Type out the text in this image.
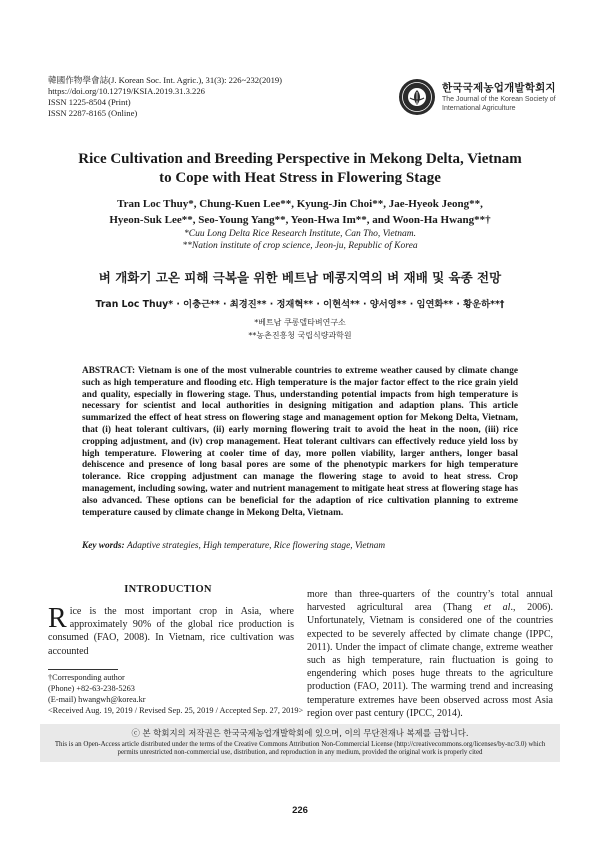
韓國作物學會誌(J. Korean Soc. Int. Agric.), 31(3): 226~232(2019)
https://doi.org/10.12719/KSIA.2019.31.3.226
ISSN 1225-8504 (Print)
ISSN 2287-8165 (Online)
한국국제농업개발학회지
The Journal of the Korean Society of International Agriculture
Rice Cultivation and Breeding Perspective in Mekong Delta, Vietnam
to Cope with Heat Stress in Flowering Stage
Tran Loc Thuy*, Chung-Kuen Lee**, Kyung-Jin Choi**, Jae-Hyeok Jeong**,
Hyeon-Suk Lee**, Seo-Young Yang**, Yeon-Hwa Im**, and Woon-Ha Hwang**†
*Cuu Long Delta Rice Research Institute, Can Tho, Vietnam.
**Nation institute of crop science, Jeon-ju, Republic of Korea
벼 개화기 고온 피해 극복을 위한 베트남 메콩지역의 벼 재배 및 육종 전망
Tran Loc Thuy* · 이충근** · 최경진** · 정재혁** · 이현석** · 양서영** · 임연화** · 황운하**†
*베트남 쿠롱델타벼연구소
**농촌진흥청 국립식량과학원
ABSTRACT: Vietnam is one of the most vulnerable countries to extreme weather caused by climate change such as high temperature and flooding etc. High temperature is the major factor effect to the rice grain yield and quality, especially in flowering stage. Thus, understanding potential impacts from high temperature is necessary for scientist and local authorities in designing mitigation and adaption plans. This article summarized the effect of heat stress on flowering stage and management option for Mekong Delta, Vietnam, that (i) heat tolerant cultivars, (ii) early morning flowering trait to avoid the heat in the noon, (iii) rice cropping adjustment, and (iv) crop management. Heat tolerant cultivars can effectively reduce yield loss by high temperature. Flowering at cooler time of day, more pollen viability, larger anthers, longer basal dehiscence and presence of long basal pores are some of the phenotypic markers for high temperature tolerance. Rice cropping adjustment can manage the flowering stage to avoid to heat stress. Crop management, including sowing, water and nutrient management to mitigate heat stress at flowering stage has also advanced. These options can be beneficial for the adaption of rice cultivation planning to extreme temperature caused by climate change in Mekong Delta, Vietnam.
Key words: Adaptive strategies, High temperature, Rice flowering stage, Vietnam
INTRODUCTION
Rice is the most important crop in Asia, where approximately 90% of the global rice production is consumed (FAO, 2008). In Vietnam, rice cultivation was accounted
more than three-quarters of the country’s total annual harvested agricultural area (Thang et al., 2006). Unfortunately, Vietnam is considered one of the countries expected to be severely affected by climate change (IPPC, 2011). Under the impact of climate change, extreme weather such as high temperature, rain fluctuation is going to engendering which poses huge threats to the agriculture production (FAO, 2011). The warming trend and increasing temperature extremes have been observed across most Asia region over past century (IPCC, 2014).
†Corresponding author
(Phone) +82-63-238-5263
(E-mail) hwangwh@korea.kr
<Received Aug. 19, 2019 / Revised Sep. 25, 2019 / Accepted Sep. 27, 2019>
ⓒ 본 학회지의 저작권은 한국국제농업개발학회에 있으며, 이의 무단전재나 복제를 금합니다.
This is an Open-Access article distributed under the terms of the Creative Commons Attribution Non-Commercial License (http://creativecommons.org/licenses/by-nc/3.0) which permits unrestricted non-commercial use, distribution, and reproduction in any medium, provided the original work is properly cited
226
